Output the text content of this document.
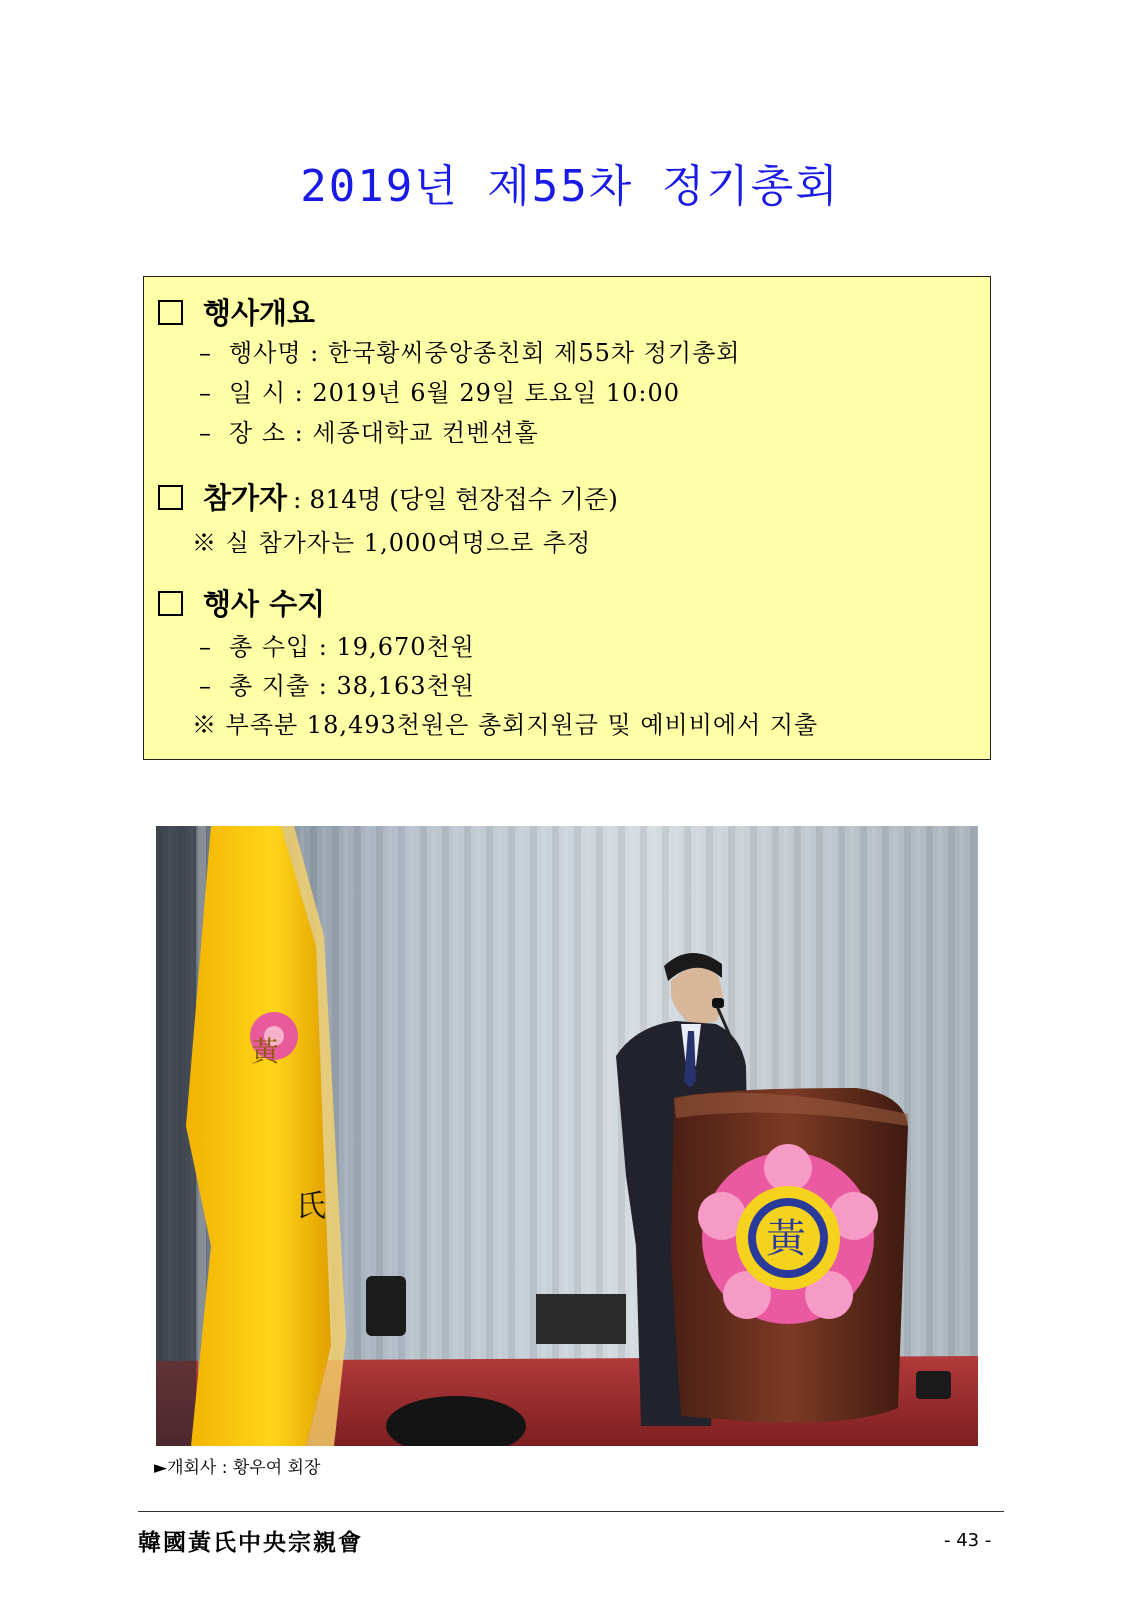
2019년 제55차 정기총회
행사개요
– 행사명 : 한국황씨중앙종친회 제55차 정기총회
– 일 시 : 2019년 6월 29일 토요일 10:00
– 장 소 : 세종대학교 컨벤션홀
참가자 : 814명 (당일 현장접수 기준)
※ 실 참가자는 1,000여명으로 추정
행사 수지
– 총 수입 : 19,670천원
– 총 지출 : 38,163천원
※ 부족분 18,493천원은 총회지원금 및 예비비에서 지출
黃
氏
黃
►개회사 : 황우여 회장
韓國黃氏中央宗親會	- 43 -
